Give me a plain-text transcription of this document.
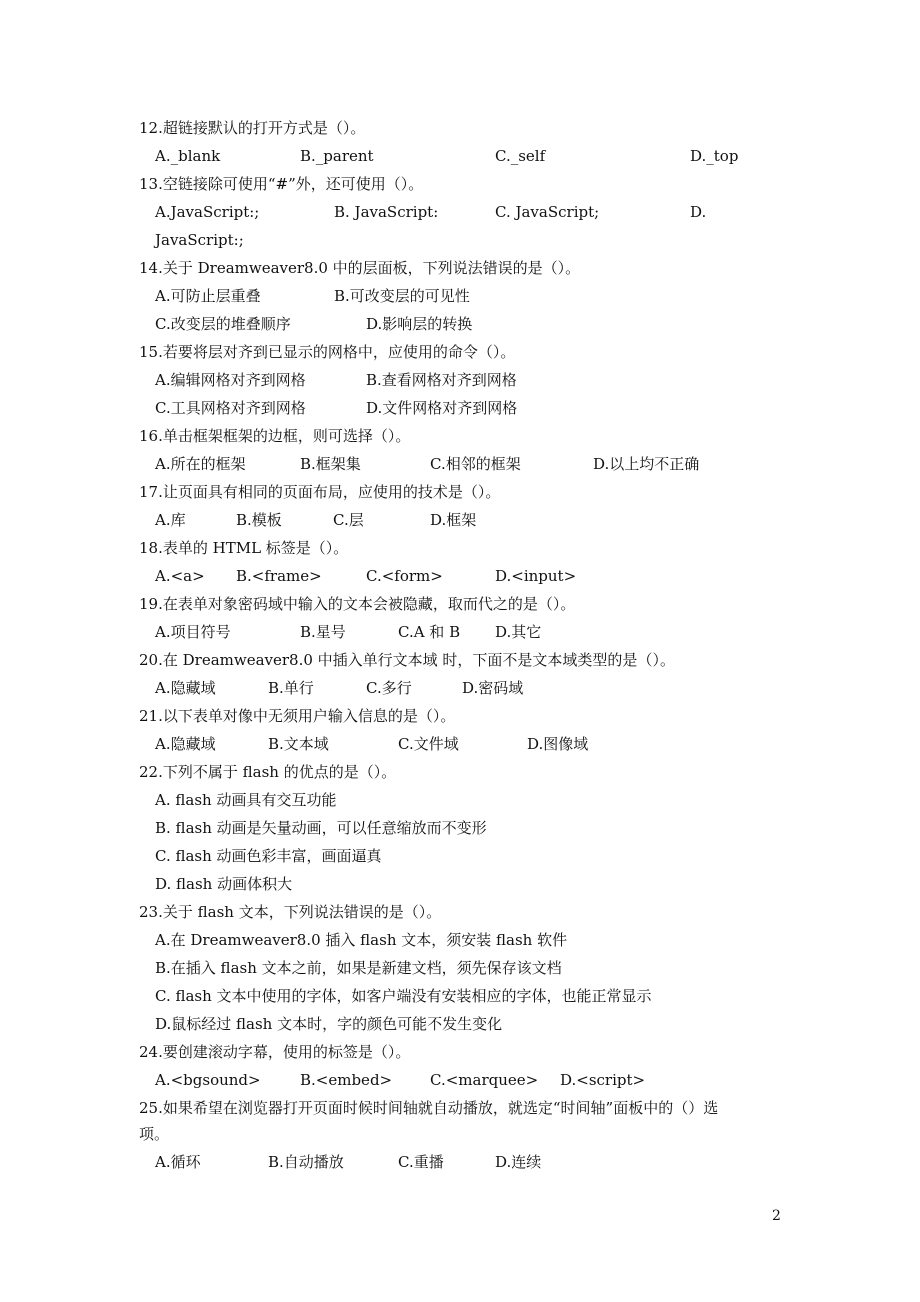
12.超链接默认的打开方式是（）。
A._blank	B._parent	C._self	D._top
13.空链接除可使用“#”外，还可使用（）。
A.JavaScript:;	B. JavaScript:	C. JavaScript;	D.
JavaScript:;
14.关于 Dreamweaver8.0 中的层面板，下列说法错误的是（）。
A.可防止层重叠	B.可改变层的可见性
C.改变层的堆叠顺序	D.影响层的转换
15.若要将层对齐到已显示的网格中，应使用的命令（）。
A.编辑网格对齐到网格	B.查看网格对齐到网格
C.工具网格对齐到网格	D.文件网格对齐到网格
16.单击框架框架的边框，则可选择（）。
A.所在的框架	B.框架集	C.相邻的框架	D.以上均不正确
17.让页面具有相同的页面布局，应使用的技术是（）。
A.库	B.模板	C.层	D.框架
18.表单的 HTML 标签是（）。
A.<a> B.<frame>	C.<form>	D.<input>
19.在表单对象密码域中输入的文本会被隐藏，取而代之的是（）。
A.项目符号	B.星号	C.A 和 B D.其它
20.在 Dreamweaver8.0 中插入单行文本域 时，下面不是文本域类型的是（）。
A.隐藏域	B.单行	C.多行	D.密码域
21.以下表单对像中无须用户输入信息的是（）。
A.隐藏域	B.文本域	C.文件域	D.图像域
22.下列不属于 flash 的优点的是（）。
A. flash 动画具有交互功能
B. flash 动画是矢量动画，可以任意缩放而不变形
C. flash 动画色彩丰富，画面逼真
D. flash 动画体积大
23.关于 flash 文本，下列说法错误的是（）。
A.在 Dreamweaver8.0 插入 flash 文本，须安装 flash 软件
B.在插入 flash 文本之前，如果是新建文档，须先保存该文档
C. flash 文本中使用的字体，如客户端没有安装相应的字体，也能正常显示
D.鼠标经过 flash 文本时，字的颜色可能不发生变化
24.要创建滚动字幕，使用的标签是（）。
A.<bgsound>	B.<embed>	C.<marquee> D.<script>
25.如果希望在浏览器打开页面时候时间轴就自动播放，就选定“时间轴”面板中的（）选
项。
A.循环	B.自动播放	C.重播	D.连续
2
